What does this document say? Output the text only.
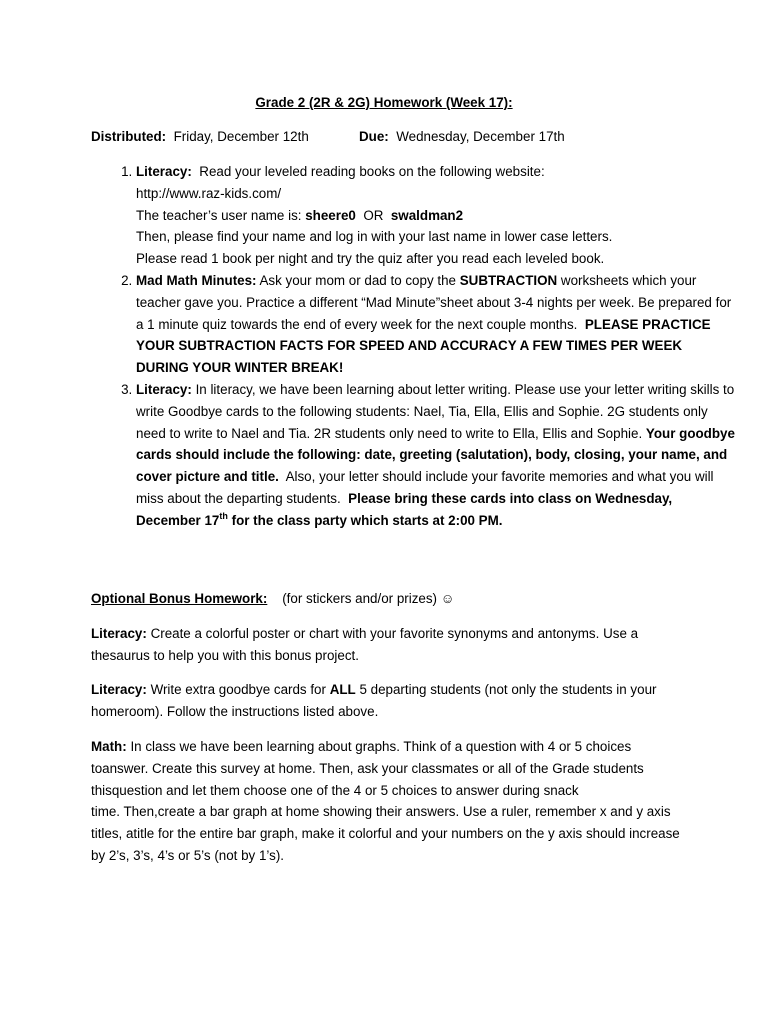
Grade 2 (2R & 2G) Homework (Week 17):
Distributed: Friday, December 12th	Due: Wednesday, December 17th
1. Literacy: Read your leveled reading books on the following website:
http://www.raz-kids.com/
The teacher’s user name is: sheere0 OR swaldman2
Then, please find your name and log in with your last name in lower case letters.
Please read 1 book per night and try the quiz after you read each leveled book.
2. Mad Math Minutes: Ask your mom or dad to copy the SUBTRACTION worksheets which your teacher gave you. Practice a different “Mad Minute”sheet about 3-4 nights per week. Be prepared for a 1 minute quiz towards the end of every week for the next couple months. PLEASE PRACTICE YOUR SUBTRACTION FACTS FOR SPEED AND ACCURACY A FEW TIMES PER WEEK DURING YOUR WINTER BREAK!
3. Literacy: In literacy, we have been learning about letter writing. Please use your letter writing skills to write Goodbye cards to the following students: Nael, Tia, Ella, Ellis and Sophie. 2G students only need to write to Nael and Tia. 2R students only need to write to Ella, Ellis and Sophie. Your goodbye cards should include the following: date, greeting (salutation), body, closing, your name, and cover picture and title. Also, your letter should include your favorite memories and what you will miss about the departing students. Please bring these cards into class on Wednesday, December 17th for the class party which starts at 2:00 PM.
Optional Bonus Homework: (for stickers and/or prizes) ☺
Literacy: Create a colorful poster or chart with your favorite synonyms and antonyms. Use a thesaurus to help you with this bonus project.
Literacy: Write extra goodbye cards for ALL 5 departing students (not only the students in your homeroom). Follow the instructions listed above.
Math: In class we have been learning about graphs. Think of a question with 4 or 5 choices
toanswer. Create this survey at home. Then, ask your classmates or all of the Grade students
thisquestion and let them choose one of the 4 or 5 choices to answer during snack
time. Then,create a bar graph at home showing their answers. Use a ruler, remember x and y axis titles, atitle for the entire bar graph, make it colorful and your numbers on the y axis should increase by 2’s, 3’s, 4’s or 5’s (not by 1’s).
